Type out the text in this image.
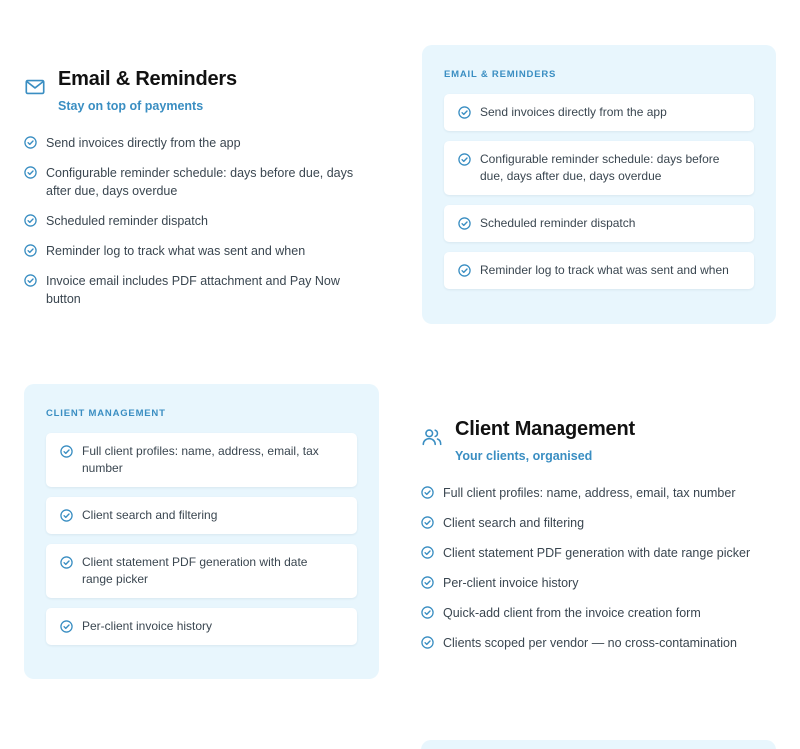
Email & Reminders
Stay on top of payments
Send invoices directly from the app
Configurable reminder schedule: days before due, days after due, days overdue
Scheduled reminder dispatch
Reminder log to track what was sent and when
Invoice email includes PDF attachment and Pay Now button
EMAIL & REMINDERS
Send invoices directly from the app
Configurable reminder schedule: days before due, days after due, days overdue
Scheduled reminder dispatch
Reminder log to track what was sent and when
CLIENT MANAGEMENT
Full client profiles: name, address, email, tax number
Client search and filtering
Client statement PDF generation with date range picker
Per-client invoice history
Client Management
Your clients, organised
Full client profiles: name, address, email, tax number
Client search and filtering
Client statement PDF generation with date range picker
Per-client invoice history
Quick-add client from the invoice creation form
Clients scoped per vendor — no cross-contamination
